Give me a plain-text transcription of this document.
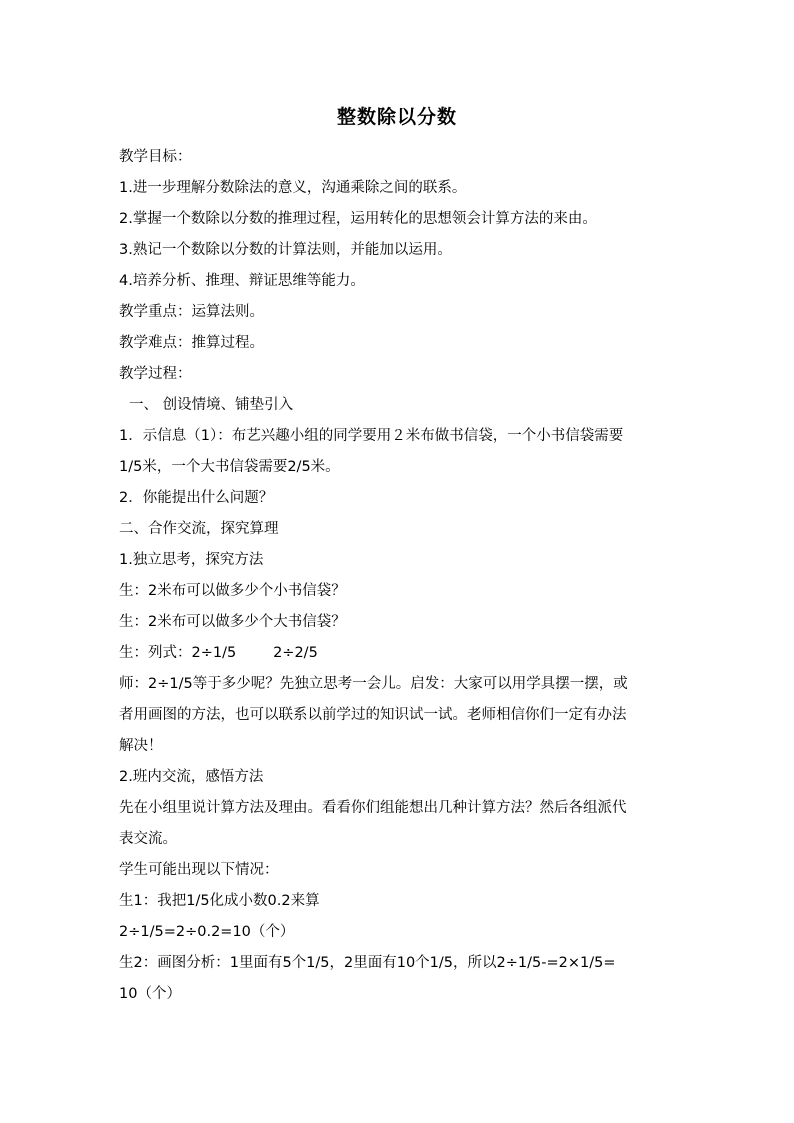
整数除以分数
教学目标：
1.进一步理解分数除法的意义，沟通乘除之间的联系。
2.掌握一个数除以分数的推理过程，运用转化的思想领会计算方法的来由。
3.熟记一个数除以分数的计算法则，并能加以运用。
4.培养分析、推理、辩证思维等能力。
教学重点：运算法则。
教学难点：推算过程。
教学过程：
一、 创设情境、铺垫引入
1．示信息（1）：布艺兴趣小组的同学要用２米布做书信袋，一个小书信袋需要
1/5米，一个大书信袋需要2/5米。
2．你能提出什么问题？
二、合作交流，探究算理
1.独立思考，探究方法
生：2米布可以做多少个小书信袋？
生：2米布可以做多少个大书信袋？
生：列式：2÷1/5        2÷2/5
师：2÷1/5等于多少呢？先独立思考一会儿。启发：大家可以用学具摆一摆，或
者用画图的方法，也可以联系以前学过的知识试一试。老师相信你们一定有办法
解决！
2.班内交流，感悟方法
先在小组里说计算方法及理由。看看你们组能想出几种计算方法？然后各组派代
表交流。
学生可能出现以下情况：
生1：我把1/5化成小数0.2来算
2÷1/5=2÷0.2=10（个）
生2：画图分析：1里面有5个1/5，2里面有10个1/5，所以2÷1/5-=2×1/5=
10（个）
